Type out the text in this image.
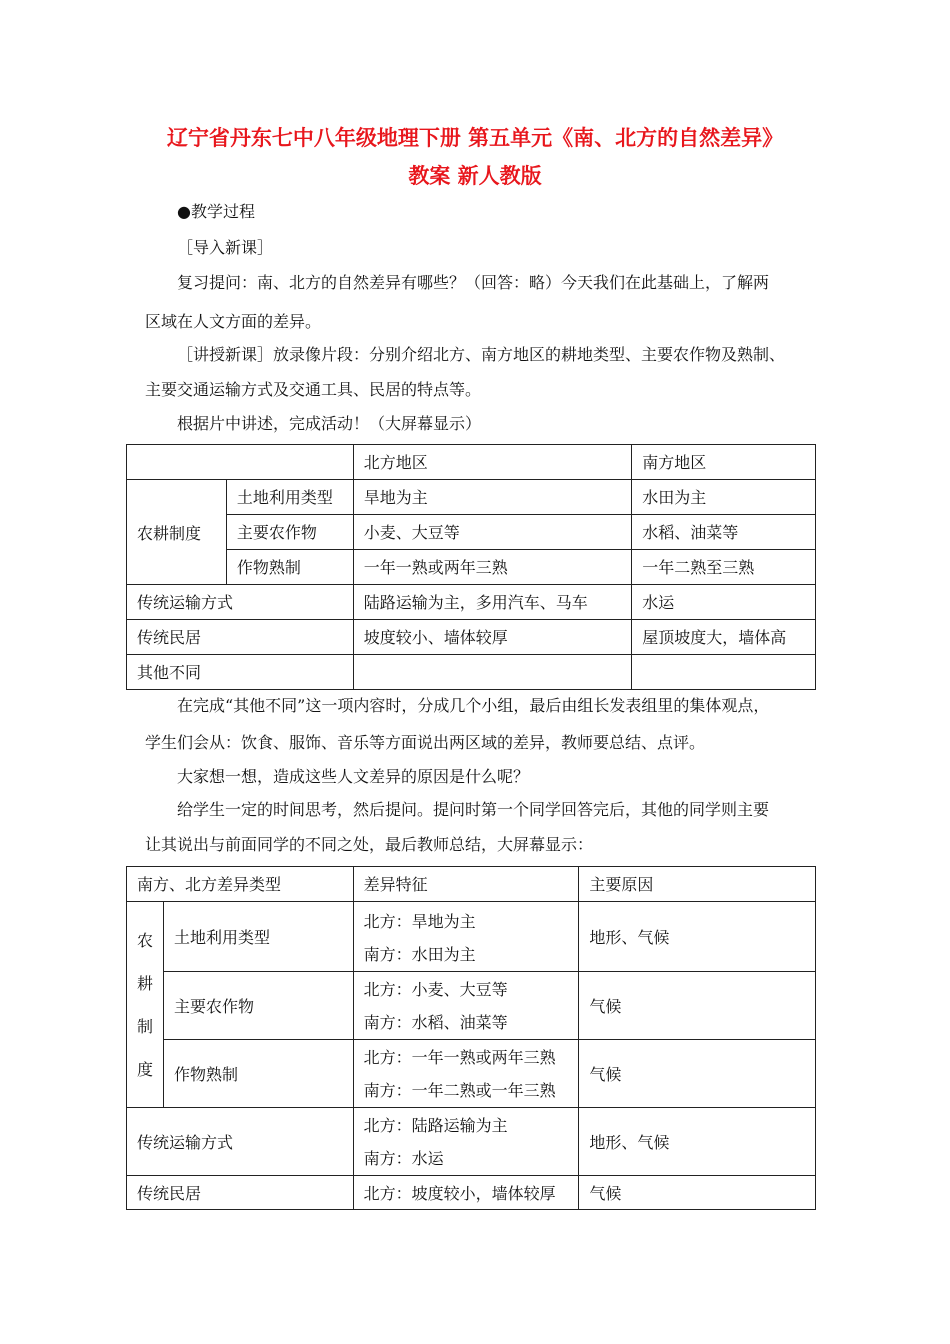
辽宁省丹东七中八年级地理下册 第五单元《南、北方的自然差异》
教案 新人教版
●教学过程
［导入新课］
复习提问：南、北方的自然差异有哪些？（回答：略）今天我们在此基础上，了解两
区域在人文方面的差异。
［讲授新课］放录像片段：分别介绍北方、南方地区的耕地类型、主要农作物及熟制、
主要交通运输方式及交通工具、民居的特点等。
根据片中讲述，完成活动！（大屏幕显示）
		北方地区	南方地区
农耕制度	土地利用类型	旱地为主	水田为主
	主要农作物	小麦、大豆等	水稻、油菜等
	作物熟制	一年一熟或两年三熟	一年二熟至三熟
传统运输方式		陆路运输为主，多用汽车、马车	水运
传统民居		坡度较小、墙体较厚	屋顶坡度大，墙体高
其他不同			
在完成“其他不同”这一项内容时，分成几个小组，最后由组长发表组里的集体观点，
学生们会从：饮食、服饰、音乐等方面说出两区域的差异，教师要总结、点评。
大家想一想，造成这些人文差异的原因是什么呢？
给学生一定的时间思考，然后提问。提问时第一个同学回答完后，其他的同学则主要
让其说出与前面同学的不同之处，最后教师总结，大屏幕显示：
南方、北方差异类型		差异特征	主要原因

农
耕
制
度	土地利用类型	北方：旱地为主
南方：水田为主	地形、气候
	主要农作物	北方：小麦、大豆等
南方：水稻、油菜等	气候
	作物熟制	北方：一年一熟或两年三熟
南方：一年二熟或一年三熟	气候
传统运输方式		北方：陆路运输为主
南方：水运	地形、气候
传统民居		北方：坡度较小，墙体较厚	气候
